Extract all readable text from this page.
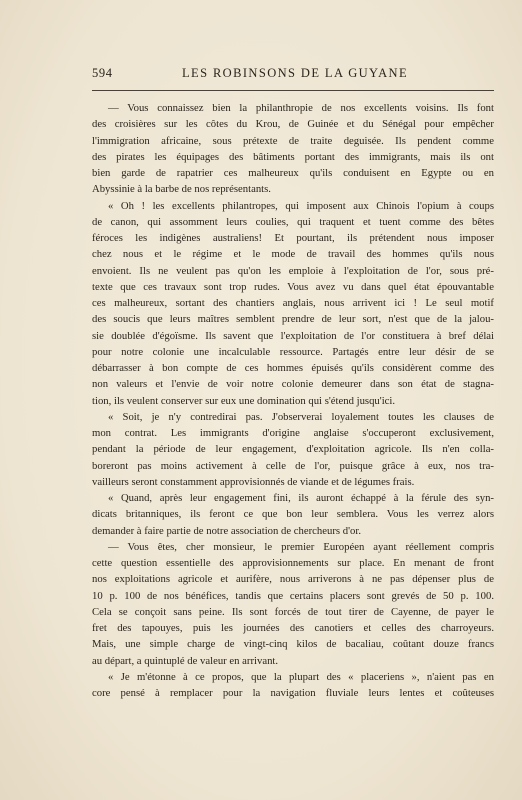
594	LES ROBINSONS DE LA GUYANE
— Vous connaissez bien la philanthropie de nos excellents voisins. Ils font
des croisières sur les côtes du Krou, de Guinée et du Sénégal pour empêcher
l'immigration africaine, sous prétexte de traite deguisée. Ils pendent comme
des pirates les équipages des bâtiments portant des immigrants, mais ils ont
bien garde de rapatrier ces malheureux qu'ils conduisent en Egypte ou en
Abyssinie à la barbe de nos représentants.
« Oh ! les excellents philantropes, qui imposent aux Chinois l'opium à coups
de canon, qui assomment leurs coulies, qui traquent et tuent comme des bêtes
féroces les indigènes australiens! Et pourtant, ils prétendent nous imposer
chez nous et le régime et le mode de travail des hommes qu'ils nous
envoient. Ils ne veulent pas qu'on les emploie à l'exploitation de l'or, sous pré-
texte que ces travaux sont trop rudes. Vous avez vu dans quel état épouvantable
ces malheureux, sortant des chantiers anglais, nous arrivent ici ! Le seul motif
des soucis que leurs maîtres semblent prendre de leur sort, n'est que de la jalou-
sie doublée d'égoïsme. Ils savent que l'exploitation de l'or constituera à bref délai
pour notre colonie une incalculable ressource. Partagés entre leur désir de se
débarrasser à bon compte de ces hommes épuisés qu'ils considèrent comme des
non valeurs et l'envie de voir notre colonie demeurer dans son état de stagna-
tion, ils veulent conserver sur eux une domination qui s'étend jusqu'ici.
« Soit, je n'y contredirai pas. J'observerai loyalement toutes les clauses de
mon contrat. Les immigrants d'origine anglaise s'occuperont exclusivement,
pendant la période de leur engagement, d'exploitation agricole. Ils n'en colla-
boreront pas moins activement à celle de l'or, puisque grâce à eux, nos tra-
vailleurs seront constamment approvisionnés de viande et de légumes frais.
« Quand, après leur engagement fini, ils auront échappé à la férule des syn-
dicats britanniques, ils feront ce que bon leur semblera. Vous les verrez alors
demander à faire partie de notre association de chercheurs d'or.
— Vous êtes, cher monsieur, le premier Européen ayant réellement compris
cette question essentielle des approvisionnements sur place. En menant de front
nos exploitations agricole et aurifère, nous arriverons à ne pas dépenser plus de
10 p. 100 de nos bénéfices, tandis que certains placers sont grevés de 50 p. 100.
Cela se conçoit sans peine. Ils sont forcés de tout tirer de Cayenne, de payer le
fret des tapouyes, puis les journées des canotiers et celles des charroyeurs.
Mais, une simple charge de vingt-cinq kilos de bacaliau, coûtant douze francs
au départ, a quintuplé de valeur en arrivant.
« Je m'étonne à ce propos, que la plupart des « placeriens », n'aient pas en
core pensé à remplacer pour la navigation fluviale leurs lentes et coûteuses
